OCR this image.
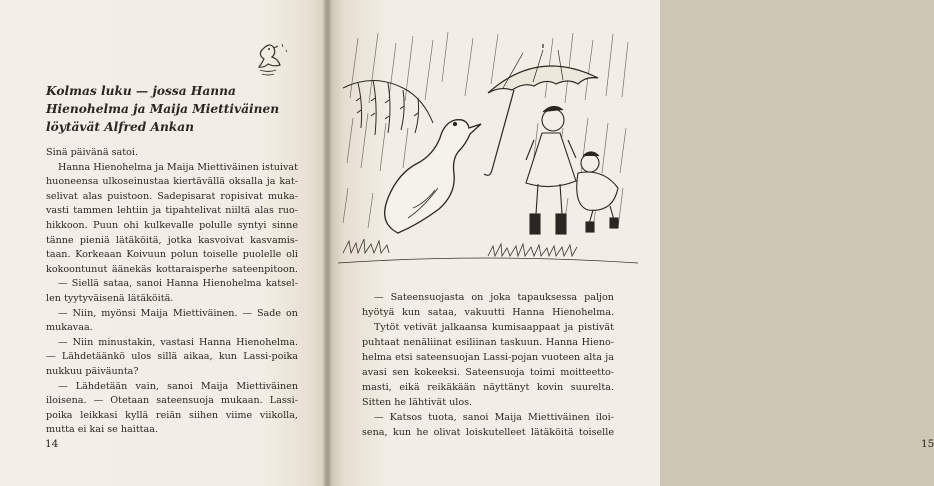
Kolmas luku — jossa Hanna
Hienohelma ja Maija Miettiväinen
löytävät Alfred Ankan
Sinä päivänä satoi.
Hanna Hienohelma ja Maija Miettiväinen istuivat
huoneensa ulkoseinustaa kiertävällä oksalla ja kat-
selivat alas puistoon. Sadepisarat ropisivat muka-
vasti tammen lehtiin ja tipahtelivat niiltä alas ruo-
hikkoon. Puun ohi kulkevalle polulle syntyi sinne
tänne pieniä lätäköitä, jotka kasvoivat kasvamis-
taan. Korkeaan Koivuun polun toiselle puolelle oli
kokoontunut äänekäs kottaraisperhe sateenpitoon.
— Siellä sataa, sanoi Hanna Hienohelma katsel-
len tyytyväisenä lätäköitä.
— Niin, myönsi Maija Miettiväinen. — Sade on
mukavaa.
— Niin minustakin, vastasi Hanna Hienohelma.
— Lähdetäänkö ulos sillä aikaa, kun Lassi-poika
nukkuu päiväunta?
— Lähdetään vain, sanoi Maija Miettiväinen
iloisena. — Otetaan sateensuoja mukaan. Lassi-
poika leikkasi kyllä reiän siihen viime viikolla,
mutta ei kai se haittaa.
14
— Sateensuojasta on joka tapauksessa paljon
hyötyä kun sataa, vakuutti Hanna Hienohelma.
Tytöt vetivät jalkaansa kumisaappaat ja pistivät
puhtaat nenäliinat esiliinan taskuun. Hanna Hieno-
helma etsi sateensuojan Lassi-pojan vuoteen alta ja
avasi sen kokeeksi. Sateensuoja toimi moitteetto-
masti, eikä reikäkään näyttänyt kovin suurelta.
Sitten he lähtivät ulos.
— Katsos tuota, sanoi Maija Miettiväinen iloi-
sena, kun he olivat loiskutelleet lätäköitä toiselle
15
